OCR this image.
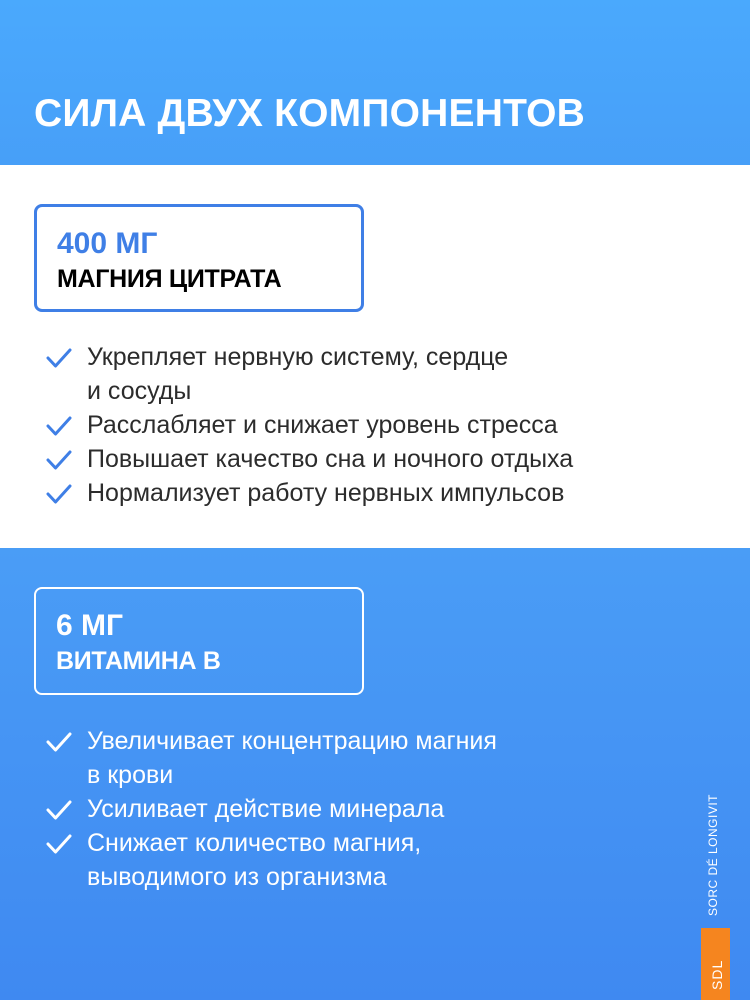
СИЛА ДВУХ КОМПОНЕНТОВ
400 МГ
МАГНИЯ ЦИТРАТА
Укрепляет нервную систему, сердце
и сосуды
Расслабляет и снижает уровень стресса
Повышает качество сна и ночного отдыха
Нормализует работу нервных импульсов
6 МГ
ВИТАМИНА B
Увеличивает концентрацию магния
в крови
Усиливает действие минерала
Снижает количество магния,
выводимого из организма	SORC DÉ LONGIVIT
SDL
